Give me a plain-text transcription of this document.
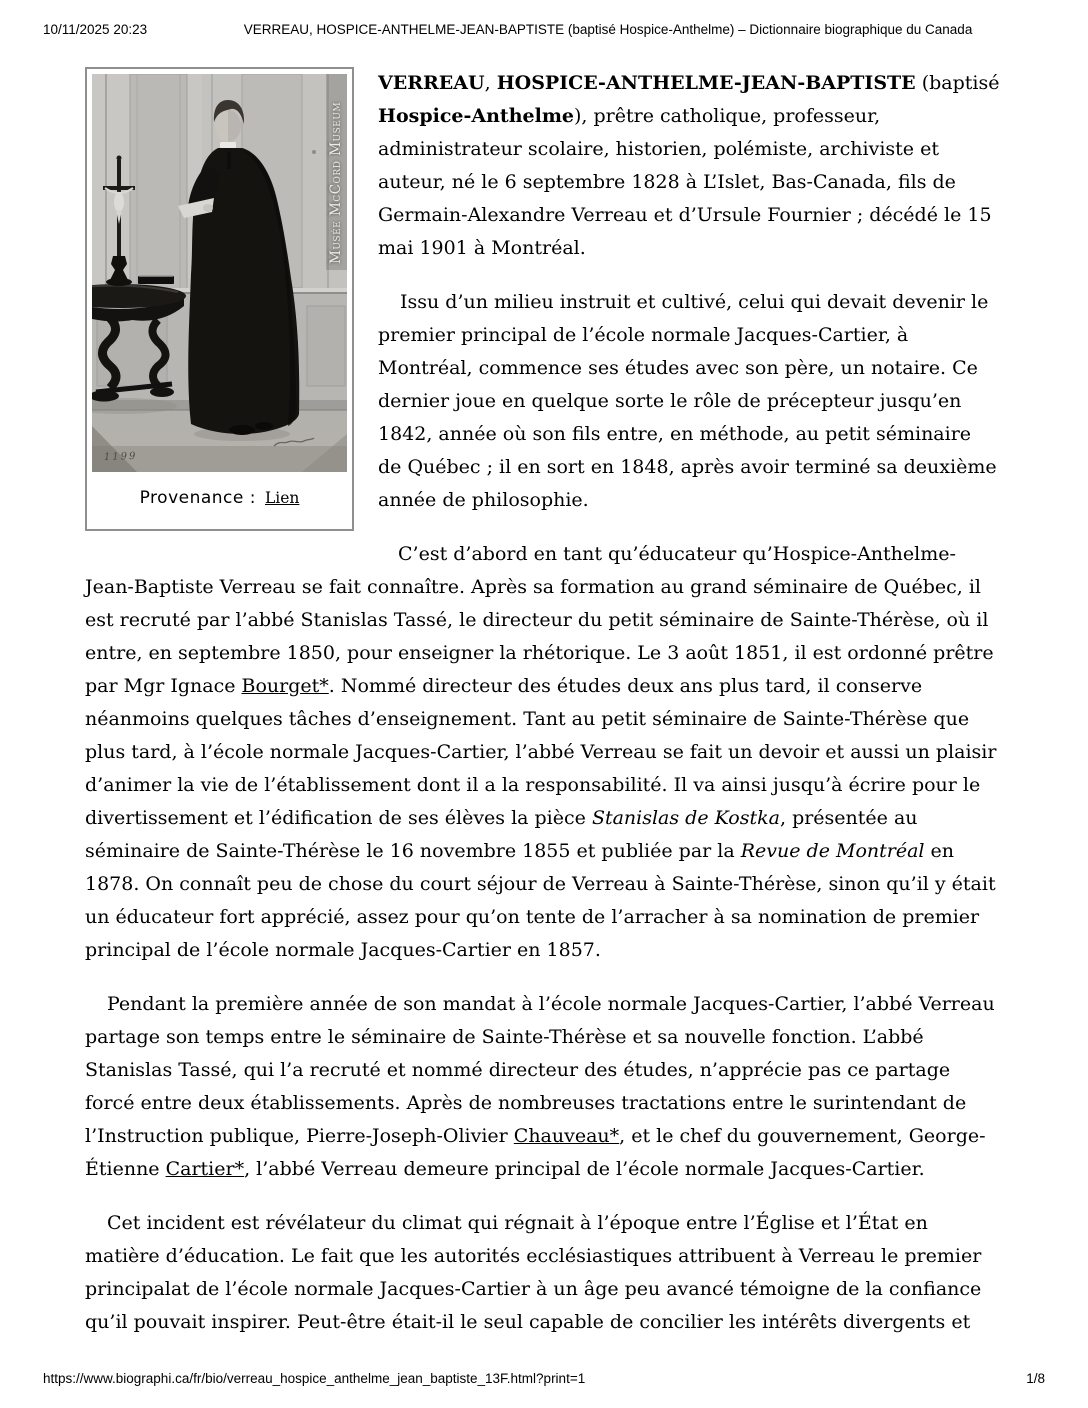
10/11/2025 20:23	VERREAU, HOSPICE-ANTHELME-JEAN-BAPTISTE (baptisé Hospice-Anthelme) – Dictionnaire biographique du Canada
1199
Musée McCord Museum
Provenance : Lien

VERREAU, HOSPICE-ANTHELME-JEAN-BAPTISTE (baptisé Hospice-Anthelme), prêtre catholique, professeur, administrateur scolaire, historien, polémiste, archiviste et auteur, né le 6 septembre 1828 à L’Islet, Bas-Canada, fils de Germain-Alexandre Verreau et d’Ursule Fournier ; décédé le 15 mai 1901 à Montréal.

Issu d’un milieu instruit et cultivé, celui qui devait devenir le premier principal de l’école normale Jacques-Cartier, à Montréal, commence ses études avec son père, un notaire. Ce dernier joue en quelque sorte le rôle de précepteur jusqu’en 1842, année où son fils entre, en méthode, au petit séminaire de Québec ; il en sort en 1848, après avoir terminé sa deuxième année de philosophie.

C’est d’abord en tant qu’éducateur qu’Hospice-Anthelme-Jean-Baptiste Verreau se fait connaître. Après sa formation au grand séminaire de Québec, il est recruté par l’abbé Stanislas Tassé, le directeur du petit séminaire de Sainte-Thérèse, où il entre, en septembre 1850, pour enseigner la rhétorique. Le 3 août 1851, il est ordonné prêtre par Mgr Ignace Bourget*. Nommé directeur des études deux ans plus tard, il conserve néanmoins quelques tâches d’enseignement. Tant au petit séminaire de Sainte-Thérèse que plus tard, à l’école normale Jacques-Cartier, l’abbé Verreau se fait un devoir et aussi un plaisir d’animer la vie de l’établissement dont il a la responsabilité. Il va ainsi jusqu’à écrire pour le divertissement et l’édification de ses élèves la pièce Stanislas de Kostka, présentée au séminaire de Sainte-Thérèse le 16 novembre 1855 et publiée par la Revue de Montréal en 1878. On connaît peu de chose du court séjour de Verreau à Sainte-Thérèse, sinon qu’il y était un éducateur fort apprécié, assez pour qu’on tente de l’arracher à sa nomination de premier principal de l’école normale Jacques-Cartier en 1857.

Pendant la première année de son mandat à l’école normale Jacques-Cartier, l’abbé Verreau partage son temps entre le séminaire de Sainte-Thérèse et sa nouvelle fonction. L’abbé Stanislas Tassé, qui l’a recruté et nommé directeur des études, n’apprécie pas ce partage forcé entre deux établissements. Après de nombreuses tractations entre le surintendant de l’Instruction publique, Pierre-Joseph-Olivier Chauveau*, et le chef du gouvernement, George-Étienne Cartier*, l’abbé Verreau demeure principal de l’école normale Jacques-Cartier.

Cet incident est révélateur du climat qui régnait à l’époque entre l’Église et l’État en matière d’éducation. Le fait que les autorités ecclésiastiques attribuent à Verreau le premier principalat de l’école normale Jacques-Cartier à un âge peu avancé témoigne de la confiance qu’il pouvait inspirer. Peut-être était-il le seul capable de concilier les intérêts divergents et

https://www.biographi.ca/fr/bio/verreau_hospice_anthelme_jean_baptiste_13F.html?print=1	1/8
